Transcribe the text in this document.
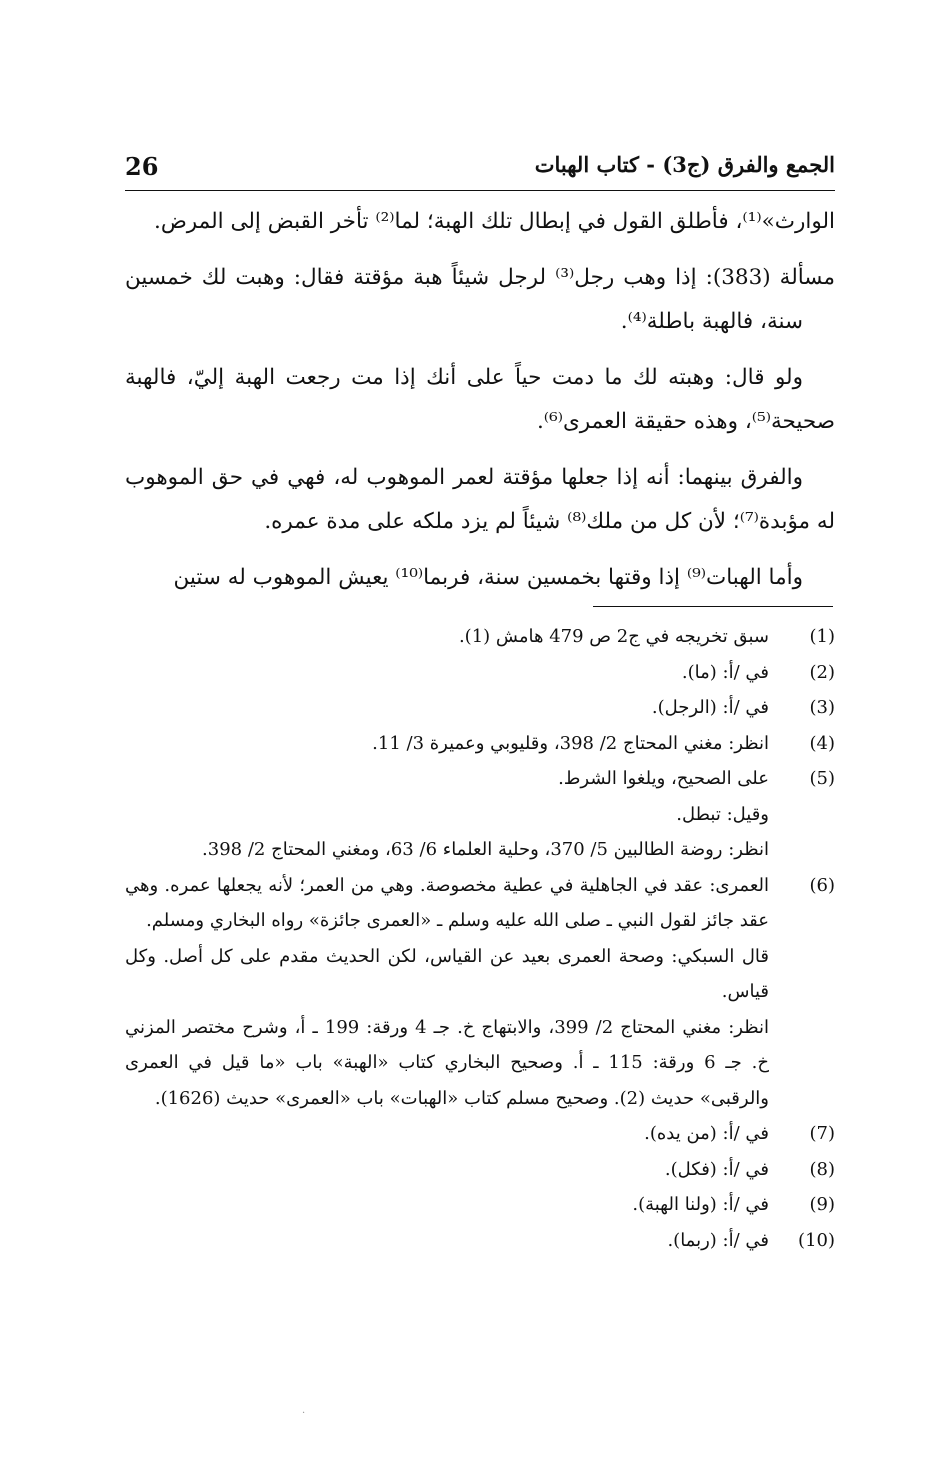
26	الجمع والفرق (ج3) - كتاب الهبات

الوارث»⁽¹⁾، فأطلق القول في إبطال تلك الهبة؛ لما⁽²⁾ تأخر القبض إلى المرض.

مسألة (383): إذا وهب رجل⁽³⁾ لرجل شيئاً هبة مؤقتة فقال: وهبت لك خمسين سنة، فالهبة باطلة⁽⁴⁾.

ولو قال: وهبته لك ما دمت حياً على أنك إذا مت رجعت الهبة إليّ، فالهبة صحيحة⁽⁵⁾، وهذه حقيقة العمرى⁽⁶⁾.

والفرق بينهما: أنه إذا جعلها مؤقتة لعمر الموهوب له، فهي في حق الموهوب له مؤبدة⁽⁷⁾؛ لأن كل من ملك⁽⁸⁾ شيئاً لم يزد ملكه على مدة عمره.

وأما الهبات⁽⁹⁾ إذا وقتها بخمسين سنة، فربما⁽¹⁰⁾ يعيش الموهوب له ستين

(1)

سبق تخريجه في ج2 ص 479 هامش (1).

(2)

في /أ: (ما).

(3)

في /أ: (الرجل).

(4)

انظر: مغني المحتاج 2/ 398، وقليوبي وعميرة 3/ 11.

(5)

على الصحيح، ويلغوا الشرط.

وقيل: تبطل.

انظر: روضة الطالبين 5/ 370، وحلية العلماء 6/ 63، ومغني المحتاج 2/ 398.

(6)

العمرى: عقد في الجاهلية في عطية مخصوصة. وهي من العمر؛ لأنه يجعلها عمره. وهي عقد جائز لقول النبي ـ صلى الله عليه وسلم ـ «العمرى جائزة» رواه البخاري ومسلم.

قال السبكي: وصحة العمرى بعيد عن القياس، لكن الحديث مقدم على كل أصل. وكل قياس.

انظر: مغني المحتاج 2/ 399، والابتهاج خ. جـ 4 ورقة: 199 ـ أ، وشرح مختصر المزني خ. جـ 6 ورقة: 115 ـ أ. وصحيح البخاري كتاب «الهبة» باب «ما قيل في العمرى والرقبى» حديث (2). وصحيح مسلم كتاب «الهبات» باب «العمرى» حديث (1626).

(7)

في /أ: (من يده).

(8)

في /أ: (فكل).

(9)

في /أ: (ولنا الهبة).

(10)

في /أ: (ربما).

·
